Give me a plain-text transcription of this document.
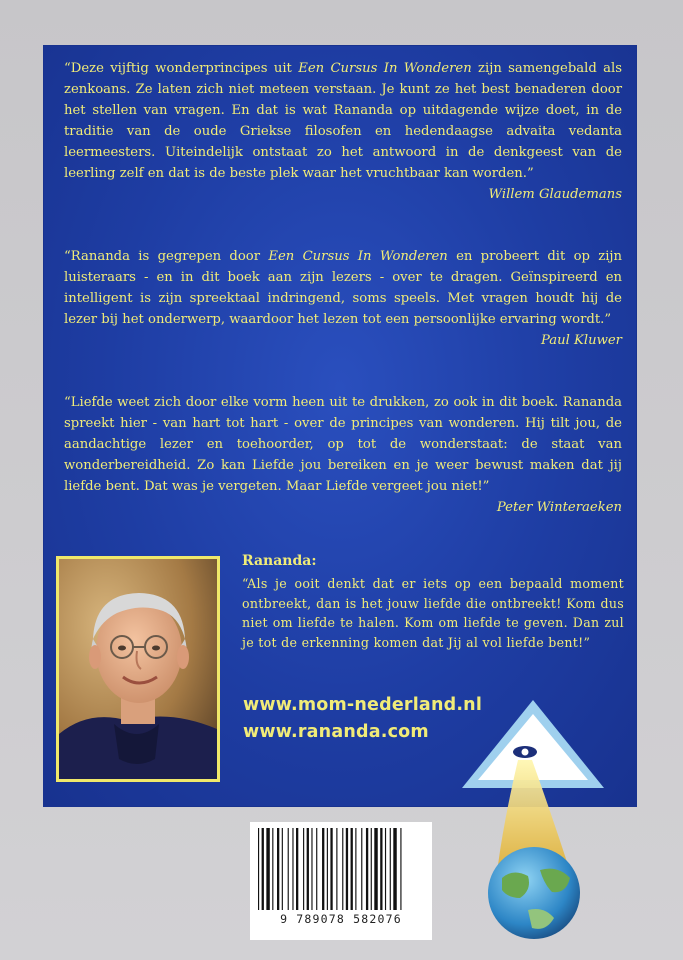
“Deze vijftig wonderprincipes uit Een Cursus In Wonderen zijn samengebald als zenkoans. Ze laten zich niet meteen verstaan. Je kunt ze het best benaderen door het stellen van vragen. En dat is wat Rananda op uitdagende wijze doet, in de traditie van de oude Griekse filosofen en hedendaagse advaita vedanta leermeesters. Uiteindelijk ontstaat zo het antwoord in de denkgeest van de leerling zelf en dat is de beste plek waar het vruchtbaar kan worden.”
Willem Glaudemans
“Rananda is gegrepen door Een Cursus In Wonderen en probeert dit op zijn luisteraars - en in dit boek aan zijn lezers - over te dragen. Geïnspireerd en intelligent is zijn spreektaal indringend, soms speels. Met vragen houdt hij de lezer bij het onderwerp, waardoor het lezen tot een persoonlijke ervaring wordt.”
Paul Kluwer
“Liefde weet zich door elke vorm heen uit te drukken, zo ook in dit boek. Rananda spreekt hier - van hart tot hart - over de principes van wonderen. Hij tilt jou, de aandachtige lezer en toehoorder, op tot de wonderstaat: de staat van wonderbereidheid. Zo kan Liefde jou bereiken en je weer bewust maken dat jij liefde bent. Dat was je vergeten. Maar Liefde vergeet jou niet!”
Peter Winteraeken
Rananda:
“Als je ooit denkt dat er iets op een bepaald moment ontbreekt, dan is het jouw liefde die ontbreekt! Kom dus niet om liefde te halen. Kom om liefde te geven. Dan zul je tot de erkenning komen dat Jij al vol liefde bent!”
www.mom-nederland.nl
www.rananda.com
9 789078 582076
